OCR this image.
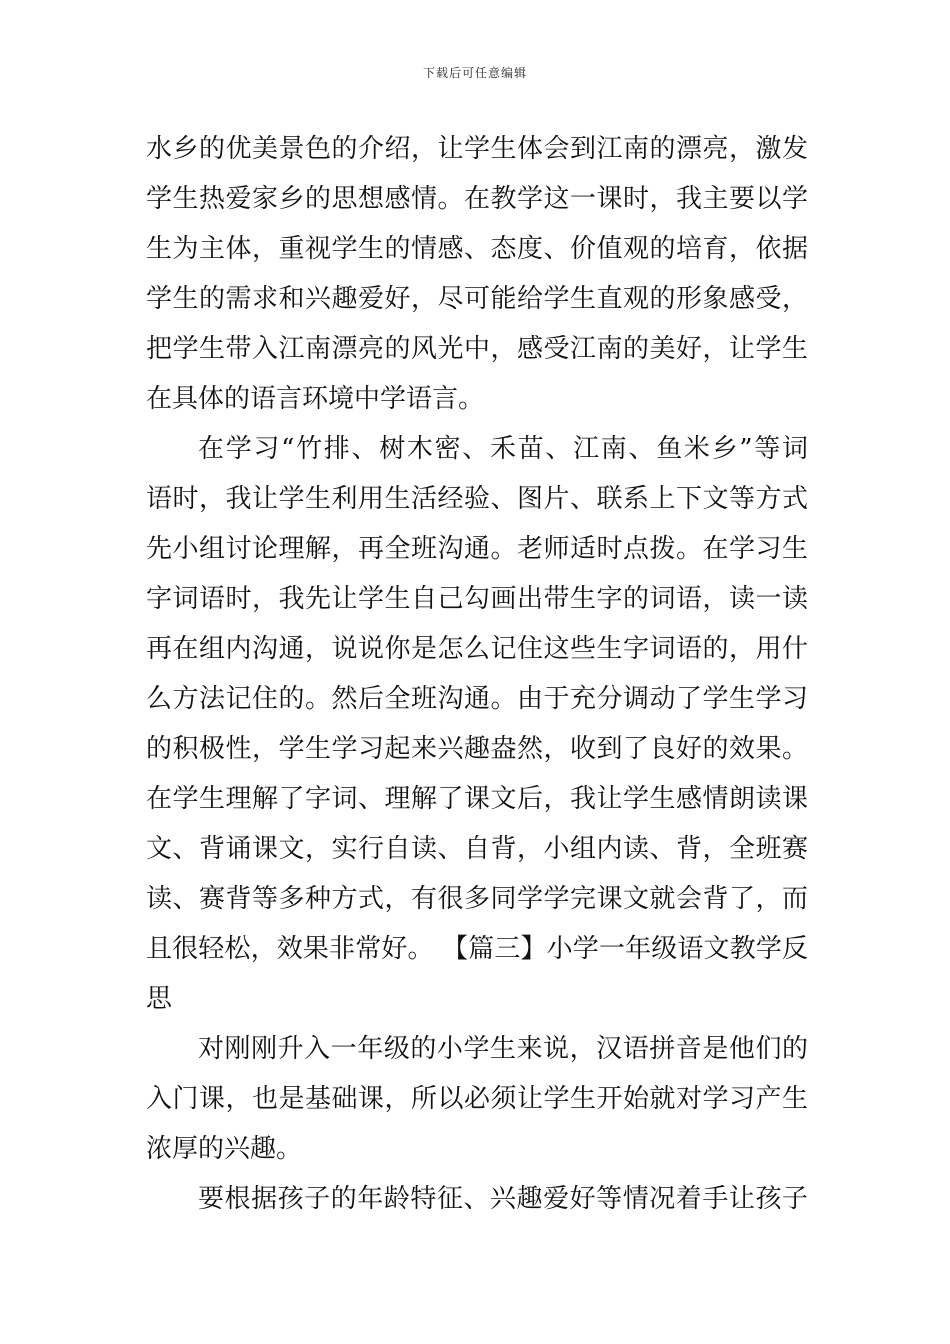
下载后可任意编辑
水乡的优美景色的介绍，让学生体会到江南的漂亮，激发
学生热爱家乡的思想感情。在教学这一课时，我主要以学
生为主体，重视学生的情感、态度、价值观的培育，依据
学生的需求和兴趣爱好，尽可能给学生直观的形象感受，
把学生带入江南漂亮的风光中，感受江南的美好，让学生
在具体的语言环境中学语言。
在学习“竹排、树木密、禾苗、江南、鱼米乡”等词
语时，我让学生利用生活经验、图片、联系上下文等方式
先小组讨论理解，再全班沟通。老师适时点拨。在学习生
字词语时，我先让学生自己勾画出带生字的词语，读一读
再在组内沟通，说说你是怎么记住这些生字词语的，用什
么方法记住的。然后全班沟通。由于充分调动了学生学习
的积极性，学生学习起来兴趣盎然，收到了良好的效果。
在学生理解了字词、理解了课文后，我让学生感情朗读课
文、背诵课文，实行自读、自背，小组内读、背，全班赛
读、赛背等多种方式，有很多同学学完课文就会背了，而
且很轻松，效果非常好。 【篇三】小学一年级语文教学反
思
对刚刚升入一年级的小学生来说，汉语拼音是他们的
入门课，也是基础课，所以必须让学生开始就对学习产生
浓厚的兴趣。
要根据孩子的年龄特征、兴趣爱好等情况着手让孩子
